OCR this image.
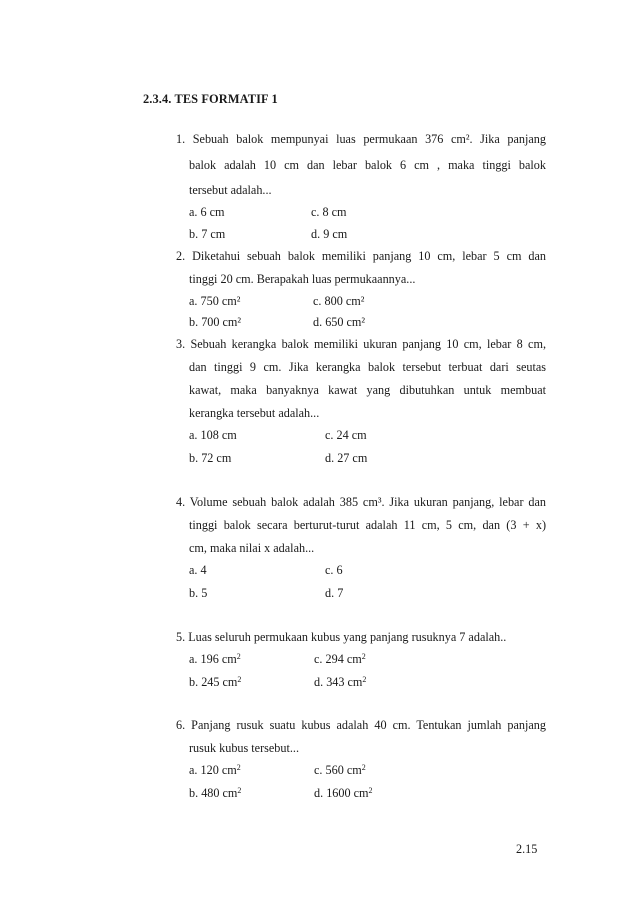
2.3.4. TES FORMATIF 1
1. Sebuah balok mempunyai luas permukaan 376 cm². Jika panjang
balok adalah 10 cm dan lebar balok 6 cm , maka tinggi balok
tersebut adalah...
a. 6 cm	c. 8 cm
b. 7 cm	d. 9 cm
2. Diketahui sebuah balok memiliki panjang 10 cm, lebar 5 cm dan
tinggi 20 cm. Berapakah luas permukaannya...
a. 750 cm²	c. 800 cm²
b. 700 cm²	d. 650 cm²
3. Sebuah kerangka balok memiliki ukuran panjang 10 cm, lebar 8 cm,
dan tinggi 9 cm. Jika kerangka balok tersebut terbuat dari seutas
kawat, maka banyaknya kawat yang dibutuhkan untuk membuat
kerangka tersebut adalah...
a. 108 cm	c. 24 cm
b. 72 cm	d. 27 cm
4. Volume sebuah balok adalah 385 cm³. Jika ukuran panjang, lebar dan
tinggi balok secara berturut-turut adalah 11 cm, 5 cm, dan (3 + x)
cm, maka nilai x adalah...
a. 4	c. 6
b. 5	d. 7
5. Luas seluruh permukaan kubus yang panjang rusuknya 7 adalah..
a. 196 $cm^2$	c. 294 $cm^2$
b. 245 $cm^2$	d. 343 $cm^2$
6. Panjang rusuk suatu kubus adalah 40 cm. Tentukan jumlah panjang
rusuk kubus tersebut...
a. 120 $cm^2$	c. 560 $cm^2$
b. 480 $cm^2$	d. 1600 $cm^2$
2.15
